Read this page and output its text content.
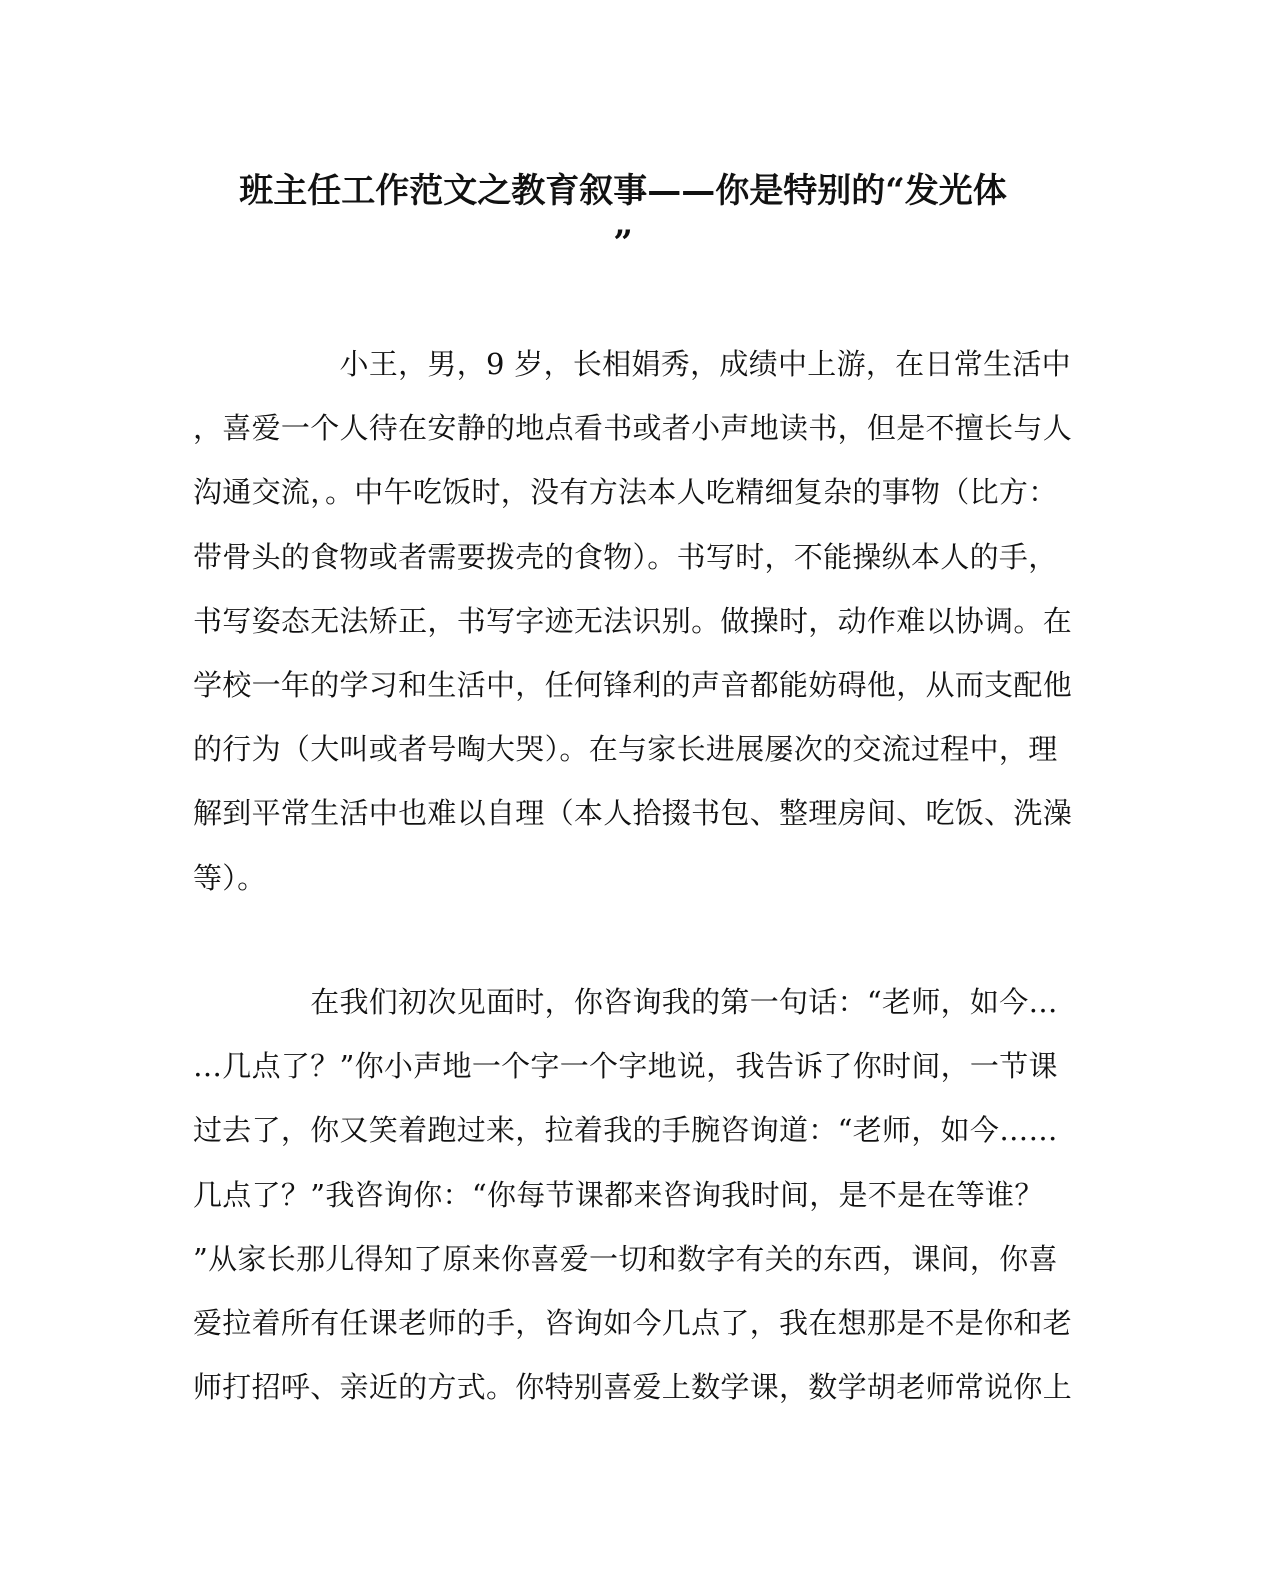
班主任工作范文之教育叙事——你是特别的“发光体
”
　　　　　小王，男，9 岁，长相娟秀，成绩中上游，在日常生活中
，喜爱一个人待在安静的地点看书或者小声地读书，但是不擅长与人
沟通交流，。中午吃饭时，没有方法本人吃精细复杂的事物（比方：
带骨头的食物或者需要拨壳的食物）。书写时，不能操纵本人的手，
书写姿态无法矫正，书写字迹无法识别。做操时，动作难以协调。在
学校一年的学习和生活中，任何锋利的声音都能妨碍他，从而支配他
的行为（大叫或者号啕大哭）。在与家长进展屡次的交流过程中，理
解到平常生活中也难以自理（本人拾掇书包、整理房间、吃饭、洗澡
等）。
　　　　在我们初次见面时，你咨询我的第一句话：“老师，如今…
…几点了？”你小声地一个字一个字地说，我告诉了你时间，一节课
过去了，你又笑着跑过来，拉着我的手腕咨询道：“老师，如今……
几点了？”我咨询你：“你每节课都来咨询我时间，是不是在等谁？
”从家长那儿得知了原来你喜爱一切和数字有关的东西，课间，你喜
爱拉着所有任课老师的手，咨询如今几点了，我在想那是不是你和老
师打招呼、亲近的方式。你特别喜爱上数学课，数学胡老师常说你上
